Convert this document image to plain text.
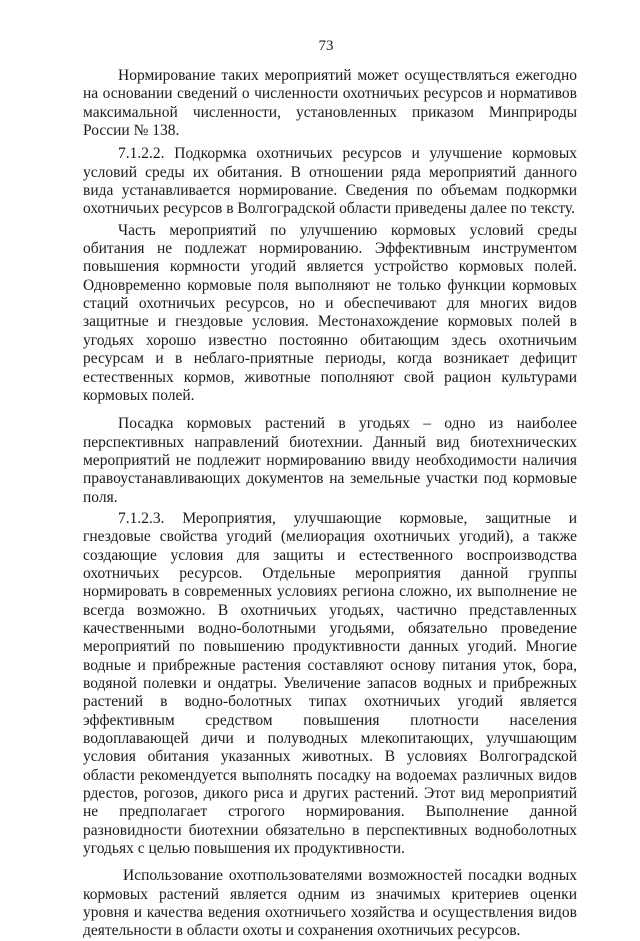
73

Нормирование таких мероприятий может осуществляться ежегодно на основании сведений о численности охотничьих ресурсов и нормативов максимальной численности, установленных приказом Минприроды России № 138.

7.1.2.2. Подкормка охотничьих ресурсов и улучшение кормовых условий среды их обитания. В отношении ряда мероприятий данного вида устанавливается нормирование. Сведения по объемам подкормки охотничьих ресурсов в Волгоградской области приведены далее по тексту.

Часть мероприятий по улучшению кормовых условий среды обитания не подлежат нормированию. Эффективным инструментом повышения кормности угодий является устройство кормовых полей. Одновременно кормовые поля выполняют не только функции кормовых стаций охотничьих ресурсов, но и обеспечивают для многих видов защитные и гнездовые условия. Местонахождение кормовых полей в угодьях хорошо известно постоянно обитающим здесь охотничьим ресурсам и в неблаго-приятные периоды, когда возникает дефицит естественных кормов, животные пополняют свой рацион культурами кормовых полей.

Посадка кормовых растений в угодьях – одно из наиболее перспективных направлений биотехнии. Данный вид биотехнических мероприятий не подлежит нормированию ввиду необходимости наличия правоустанавливающих документов на земельные участки под кормовые поля.

7.1.2.3. Мероприятия, улучшающие кормовые, защитные и гнездовые свойства угодий (мелиорация охотничьих угодий), а также создающие условия для защиты и естественного воспроизводства охотничьих ресурсов. Отдельные мероприятия данной группы нормировать в современных условиях региона сложно, их выполнение не всегда возможно. В охотничьих угодьях, частично представленных качественными водно-болотными угодьями, обязательно проведение мероприятий по повышению продуктивности данных угодий. Многие водные и прибрежные растения составляют основу питания уток, бора, водяной полевки и ондатры. Увеличение запасов водных и прибрежных растений в водно-болотных типах охотничьих угодий является эффективным средством повышения плотности населения водоплавающей дичи и полуводных млекопитающих, улучшающим условия обитания указанных животных. В условиях Волгоградской области рекомендуется выполнять посадку на водоемах различных видов рдестов, рогозов, дикого риса и других растений. Этот вид мероприятий не предполагает строгого нормирования. Выполнение данной разновидности биотехнии обязательно в перспективных водноболотных угодьях с целью повышения их продуктивности.

Использование охотпользователями возможностей посадки водных кормовых растений является одним из значимых критериев оценки уровня и качества ведения охотничьего хозяйства и осуществления видов деятельности в области охоты и сохранения охотничьих ресурсов.
